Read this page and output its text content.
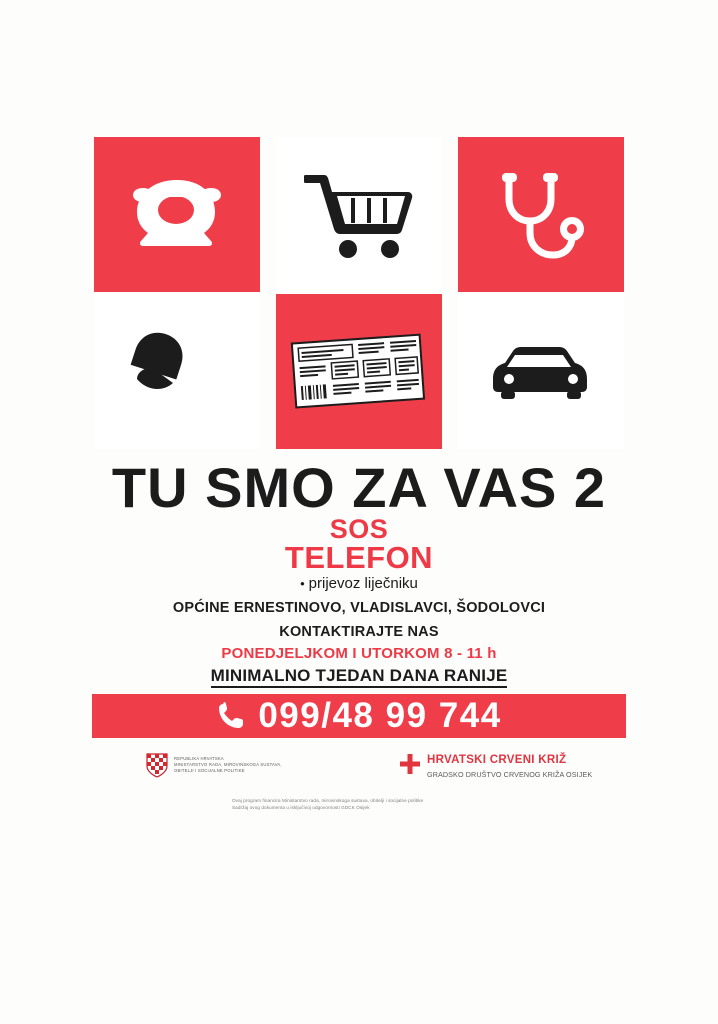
TU SMO ZA VAS 2
SOS
TELEFON
• prijevoz liječniku
OPĆINE ERNESTINOVO, VLADISLAVCI, ŠODOLOVCI
KONTAKTIRAJTE NAS
PONEDJELJKOM I UTORKOM 8 - 11 h
MINIMALNO TJEDAN DANA RANIJE
099/48 99 744
REPUBLIKA HRVATSKA
MINISTARSTVO RADA, MIROVINSKOGA SUSTAVA,
OBITELJI I SOCIJALNE POLITIKE
HRVATSKI CRVENI KRIŽ
GRADSKO DRUŠTVO CRVENOG KRIŽA OSIJEK
Ovaj program financira Ministarstvo rada, mirovinskoga sustava, obitelji i socijalne politike
Sadržaj ovog dokumenta u isključivoj odgovornosti GDCK Osijek
